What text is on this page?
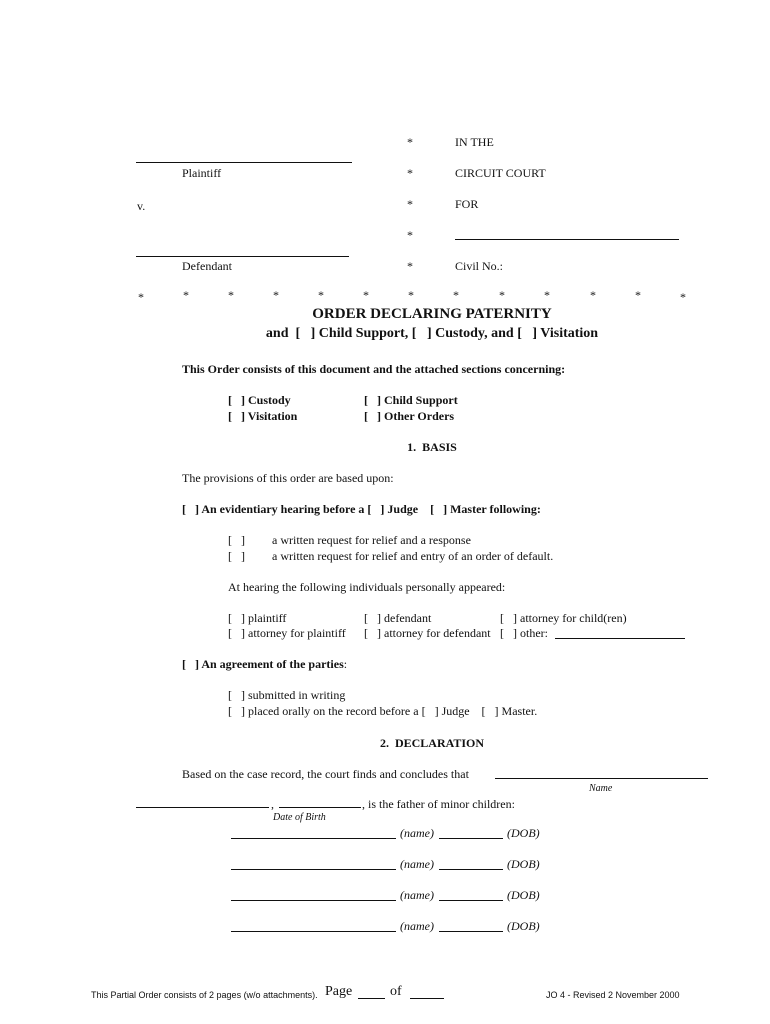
*	IN THE
Plaintiff	*	CIRCUIT COURT
v.	*	FOR
*
Defendant	*	Civil No.:
*	*	*	*	*	*	*	*	*	*	*	*	*
ORDER DECLARING PATERNITY
and  [   ] Child Support, [   ] Custody, and [   ] Visitation
This Order consists of this document and the attached sections concerning:
[   ] Custody	[   ] Child Support
[   ] Visitation	[   ] Other Orders
1.  BASIS
The provisions of this order are based upon:
[   ] An evidentiary hearing before a [   ] Judge    [   ] Master following:
[   ] a written request for relief and a response
[   ] a written request for relief and entry of an order of default.
At hearing the following individuals personally appeared:
[   ] plaintiff	[   ] defendant	[   ] attorney for child(ren)
[   ] attorney for plaintiff [   ] attorney for defendant [   ] other:
[   ] An agreement of the parties:
[   ] submitted in writing
[   ] placed orally on the record before a [   ] Judge    [   ] Master.
2.  DECLARATION
Based on the case record, the court finds and concludes that
Name
,	, is the father of minor children:
Date of Birth
(name)	(DOB)
(name)	(DOB)
(name)	(DOB)
(name)	(DOB)
This Partial Order consists of 2 pages (w/o attachments). Page	of	JO 4 - Revised 2 November 2000
